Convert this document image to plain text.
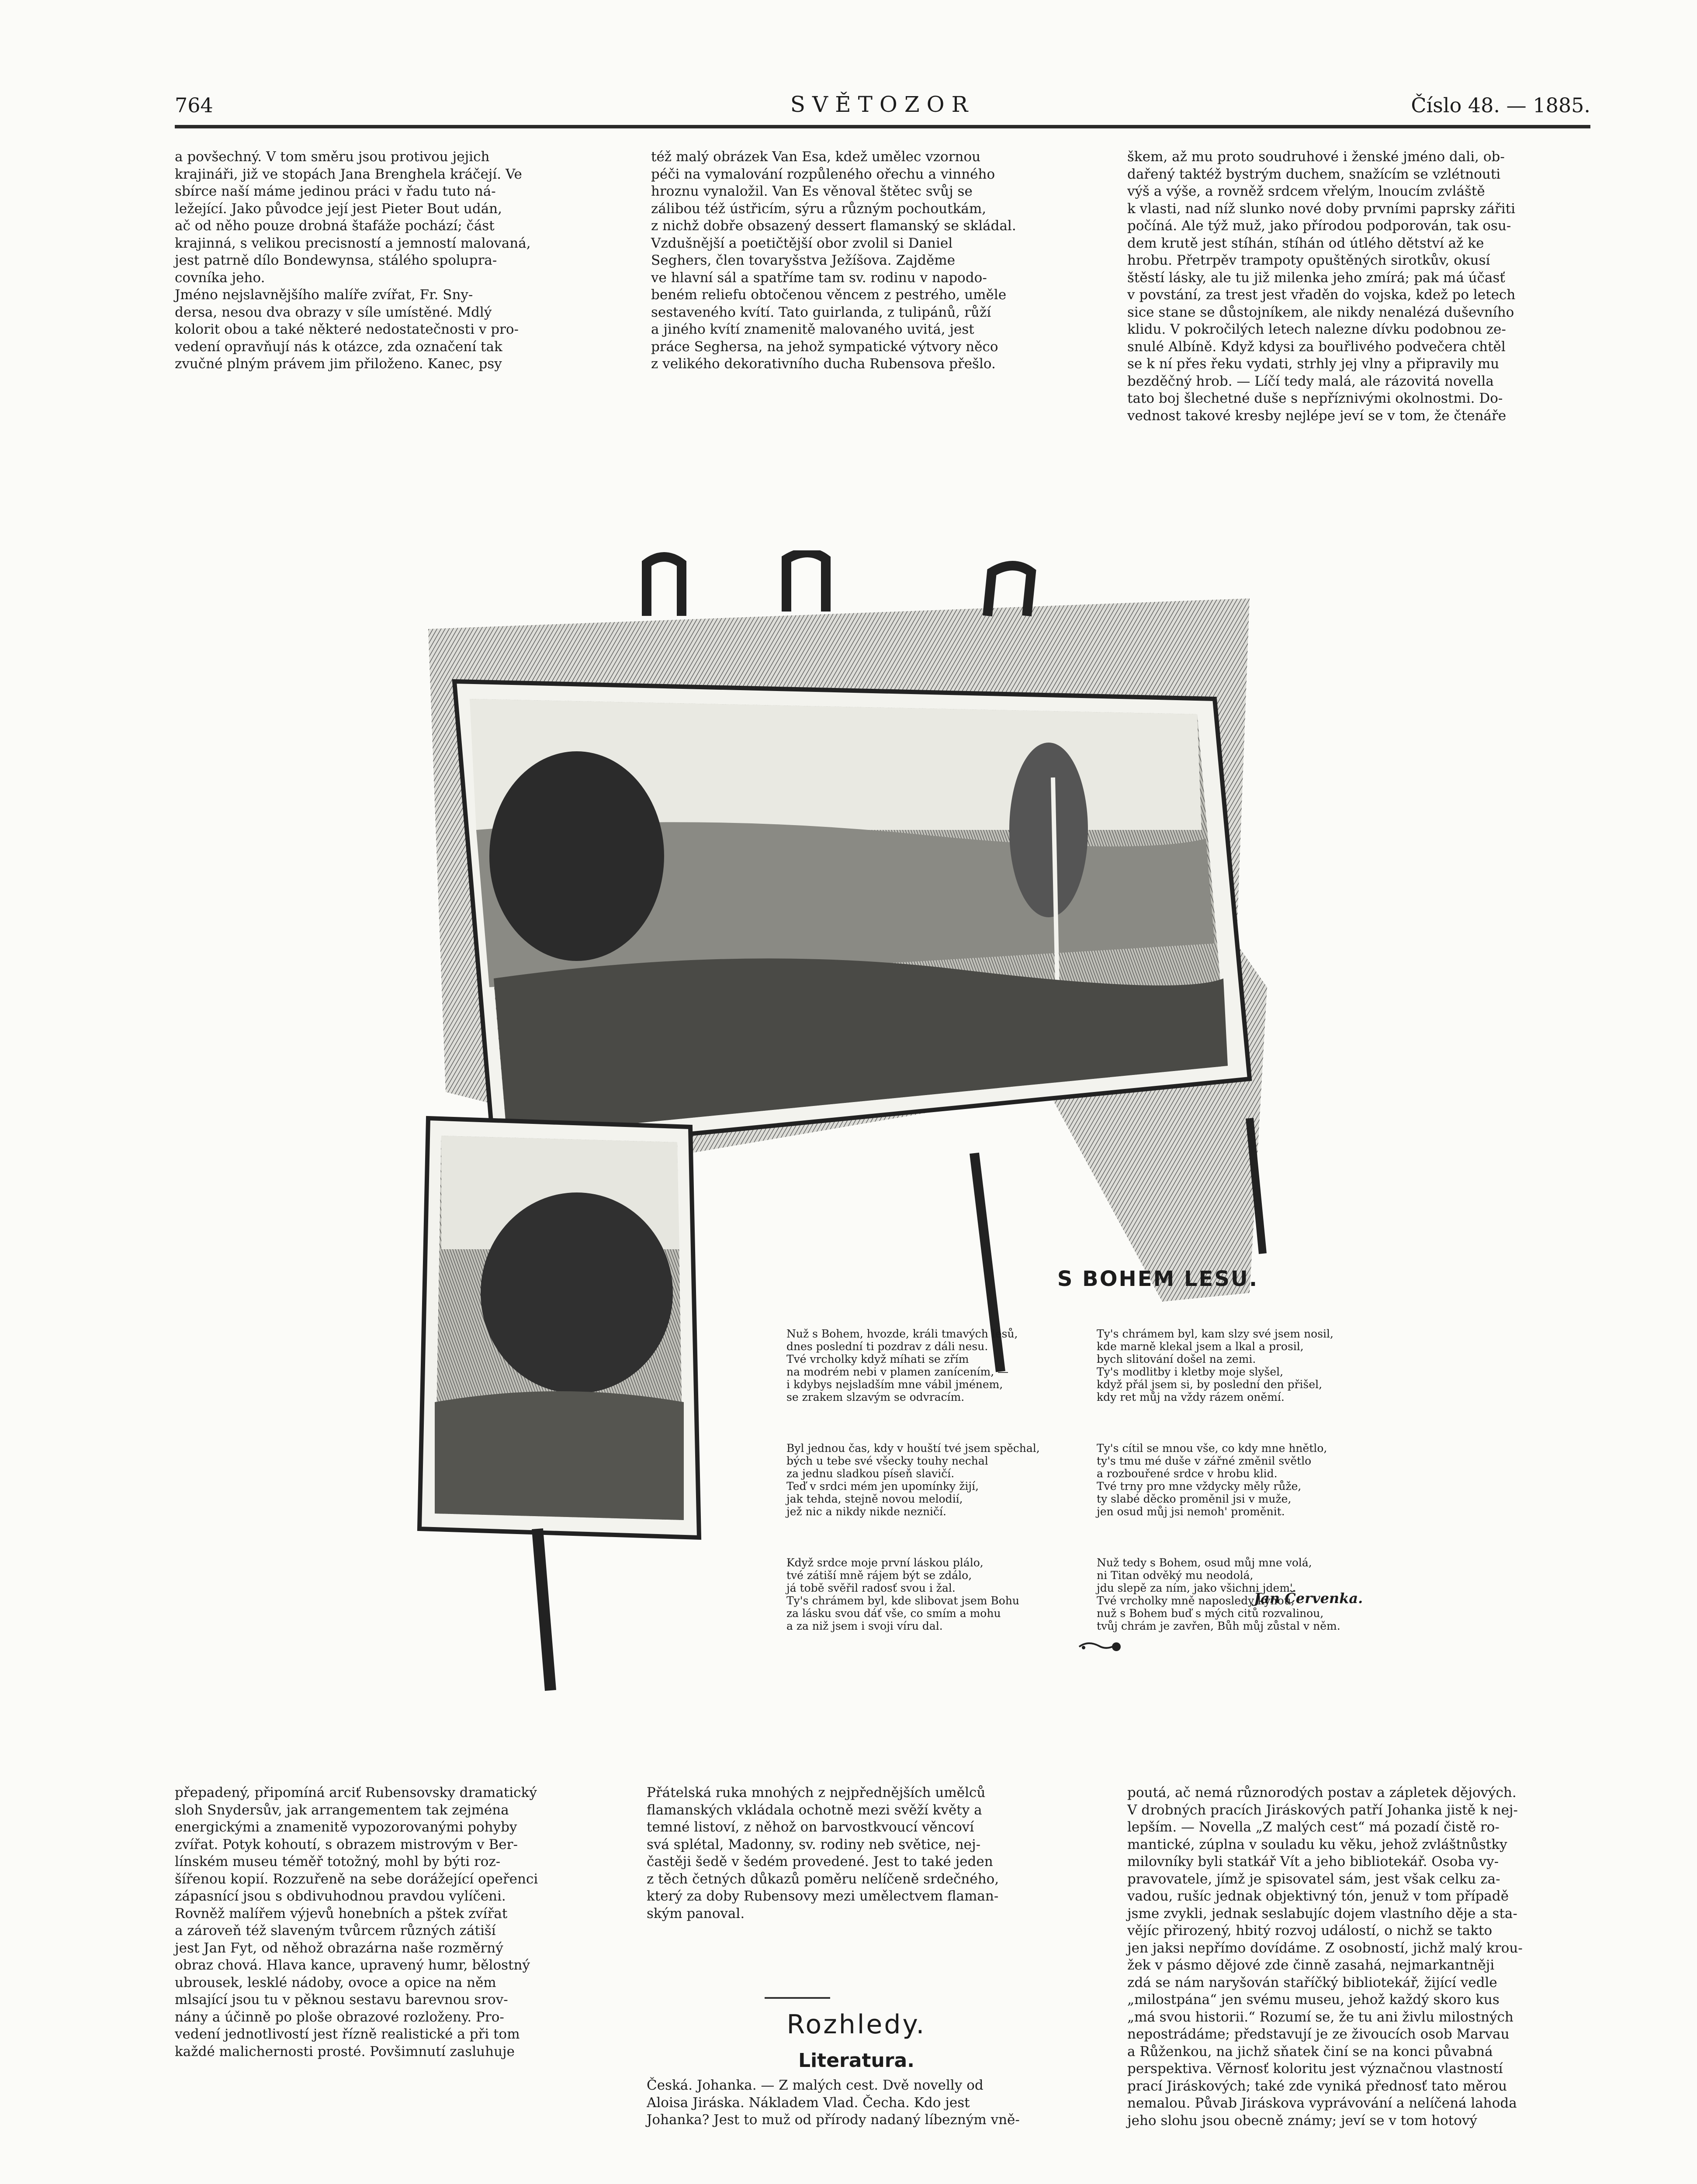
764	SVĚTOZOR	Číslo 48. — 1885.
a povšechný. V tom směru jsou protivou jejich
krajináři, již ve stopách Jana Brenghela kráčejí. Ve
sbírce naší máme jedinou práci v řadu tuto ná-
ležející. Jako původce její jest Pieter Bout udán,
ač od něho pouze drobná štafáže pochází; část
krajinná, s velikou precisností a jemností malovaná,
jest patrně dílo Bondewynsa, stálého spolupra-
covníka jeho.
Jméno nejslavnějšího malíře zvířat, Fr. Sny-
dersa, nesou dva obrazy v síle umístěné. Mdlý
kolorit obou a také některé nedostatečnosti v pro-
vedení opravňují nás k otázce, zda označení tak
zvučné plným právem jim přiloženo. Kanec, psy
též malý obrázek Van Esa, kdež umělec vzornou
péči na vymalování rozpůleného ořechu a vinného
hroznu vynaložil. Van Es věnoval štětec svůj se
zálibou též ústřicím, sýru a různým pochoutkám,
z nichž dobře obsazený dessert flamanský se skládal.
Vzdušnější a poetičtější obor zvolil si Daniel
Seghers, člen tovaryšstva Ježíšova. Zajděme
ve hlavní sál a spatříme tam sv. rodinu v napodo-
beném reliefu obtočenou věncem z pestrého, uměle
sestaveného kvítí. Tato guirlanda, z tulipánů, růží
a jiného kvítí znamenitě malovaného uvitá, jest
práce Seghersa, na jehož sympatické výtvory něco
z velikého dekorativního ducha Rubensova přešlo.
škem, až mu proto soudruhové i ženské jméno dali, ob-
dařený taktéž bystrým duchem, snažícím se vzlétnouti
výš a výše, a rovněž srdcem vřelým, lnoucím zvláště
k vlasti, nad níž slunko nové doby prvními paprsky zářiti
počíná. Ale týž muž, jako přírodou podporován, tak osu-
dem krutě jest stíhán, stíhán od útlého dětství až ke
hrobu. Přetrpěv trampoty opuštěných sirotkův, okusí
štěstí lásky, ale tu již milenka jeho zmírá; pak má účasť
v povstání, za trest jest vřaděn do vojska, kdež po letech
sice stane se důstojníkem, ale nikdy nenalézá duševního
klidu. V pokročilých letech nalezne dívku podobnou ze-
snulé Albíně. Když kdysi za bouřlivého podvečera chtěl
se k ní přes řeku vydati, strhly jej vlny a připravily mu
bezděčný hrob. — Líčí tedy malá, ale rázovitá novella
tato boj šlechetné duše s nepříznivými okolnostmi. Do-
vednost takové kresby nejlépe jeví se v tom, že čtenáře
S BOHEM LESU.

Nuž s Bohem, hvozde, králi tmavých lesů,
dnes poslední ti pozdrav z dáli nesu.
Tvé vrcholky když míhati se zřím
na modrém nebi v plamen zanícením, —
i kdybys nejsladším mne vábil jménem,
se zrakem slzavým se odvracím.

Byl jednou čas, kdy v houští tvé jsem spěchal,
bých u tebe své všecky touhy nechal
za jednu sladkou píseň slavičí.
Teď v srdci mém jen upomínky žijí,
jak tehda, stejně novou melodií,
jež nic a nikdy nikde nezničí.

Když srdce moje první láskou plálo,
tvé zátiší mně rájem být se zdálo,
já tobě svěřil radosť svou i žal.
Ty's chrámem byl, kde slibovat jsem Bohu
za lásku svou dáť vše, co smím a mohu
a za niž jsem i svoji víru dal.

Ty's chrámem byl, kam slzy své jsem nosil,
kde marně klekal jsem a lkal a prosil,
bych slitování došel na zemi.
Ty's modlitby i kletby moje slyšel,
když přál jsem si, by poslední den přišel,
kdy ret můj na vždy rázem oněmí.

Ty's cítil se mnou vše, co kdy mne hnětlo,
ty's tmu mé duše v zářné změnil světlo
a rozbouřené srdce v hrobu klid.
Tvé trny pro mne vždycky měly růže,
ty slabé děcko proměnil jsi v muže,
jen osud můj jsi nemoh' proměnit.

Nuž tedy s Bohem, osud můj mne volá,
ni Titan odvěký mu neodolá,
jdu slepě za ním, jako všichni jdem'.
Tvé vrcholky mně naposledy kynou,
nuž s Bohem buď s mých citů rozvalinou,
tvůj chrám je zavřen, Bůh můj zůstal v něm.

Jan Červenka.
přepadený, připomíná arciť Rubensovsky dramatický
sloh Snydersův, jak arrangementem tak zejména
energickými a znamenitě vypozorovanými pohyby
zvířat. Potyk kohoutí, s obrazem mistrovým v Ber-
línském museu téměř totožný, mohl by býti roz-
šířenou kopií. Rozzuřeně na sebe dorážející opeřenci
zápasnící jsou s obdivuhodnou pravdou vylíčeni.
Rovněž malířem výjevů honebních a pštek zvířat
a zároveň též slaveným tvůrcem různých zátiší
jest Jan Fyt, od něhož obrazárna naše rozměrný
obraz chová. Hlava kance, upravený humr, bělostný
ubrousek, lesklé nádoby, ovoce a opice na něm
mlsající jsou tu v pěknou sestavu barevnou srov-
nány a účinně po ploše obrazové rozloženy. Pro-
vedení jednotlivostí jest řízně realistické a při tom
každé malichernosti prosté. Povšimnutí zasluhuje
Přátelská ruka mnohých z nejpřednějších umělců
flamanských vkládala ochotně mezi svěží květy a
temné listoví, z něhož on barvostkvoucí věncoví
svá splétal, Madonny, sv. rodiny neb světice, nej-
častěji šedě v šedém provedené. Jest to také jeden
z těch četných důkazů poměru nelíčeně srdečného,
který za doby Rubensovy mezi umělectvem flaman-
ským panoval.
Rozhledy.
Literatura.
Česká. Johanka. — Z malých cest. Dvě novelly od
Aloisa Jiráska. Nákladem Vlad. Čecha. Kdo jest
Johanka? Jest to muž od přírody nadaný líbezným vně-
poutá, ač nemá různorodých postav a zápletek dějových.
V drobných pracích Jiráskových patří Johanka jistě k nej-
lepším. — Novella „Z malých cest“ má pozadí čistě ro-
mantické, zúplna v souladu ku věku, jehož zvláštnůstky
milovníky byli statkář Vít a jeho bibliotekář. Osoba vy-
pravovatele, jímž je spisovatel sám, jest však celku za-
vadou, rušíc jednak objektivný tón, jenuž v tom případě
jsme zvykli, jednak seslabujíc dojem vlastního děje a sta-
vějíc přirozený, hbitý rozvoj událostí, o nichž se takto
jen jaksi nepřímo dovídáme. Z osobností, jichž malý krou-
žek v pásmo dějové zde činně zasahá, nejmarkantněji
zdá se nám naryšován staříčký bibliotekář, žijící vedle
„milostpána“ jen svému museu, jehož každý skoro kus
„má svou historii.“ Rozumí se, že tu ani živlu milostných
nepostrádáme; představují je ze živoucích osob Marvau
a Růženkou, na jichž sňatek činí se na konci půvabná
perspektiva. Věrnosť koloritu jest význačnou vlastností
prací Jiráskových; také zde vyniká přednosť tato měrou
nemalou. Půvab Jiráskova vyprávování a nelíčená lahoda
jeho slohu jsou obecně známy; jeví se v tom hotový
